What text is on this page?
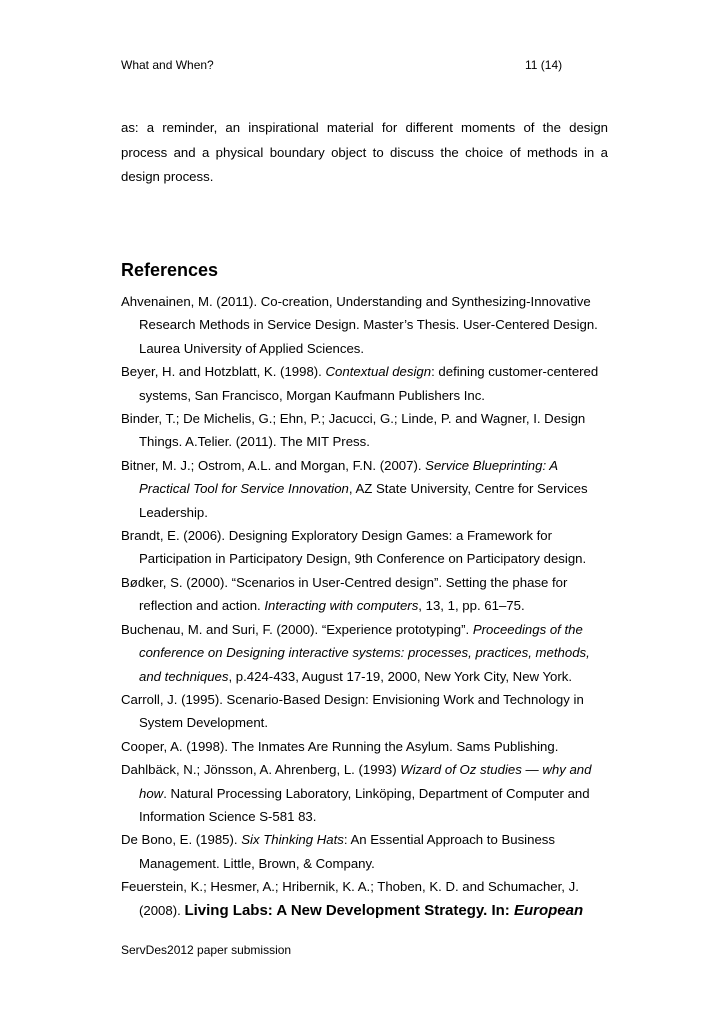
What and When?	11 (14)
as: a reminder, an inspirational material for different moments of the design process and a physical boundary object to discuss the choice of methods in a design process.
References

Ahvenainen, M. (2011). Co-creation, Understanding and Synthesizing-Innovative Research Methods in Service Design. Master’s Thesis. User-Centered Design. Laurea University of Applied Sciences.

Beyer, H. and Hotzblatt, K. (1998). Contextual design: defining customer-centered systems, San Francisco, Morgan Kaufmann Publishers Inc.

Binder, T.; De Michelis, G.; Ehn, P.; Jacucci, G.; Linde, P. and Wagner, I. Design Things. A.Telier. (2011). The MIT Press.

Bitner, M. J.; Ostrom, A.L. and Morgan, F.N. (2007). Service Blueprinting: A Practical Tool for Service Innovation, AZ State University, Centre for Services Leadership.

Brandt, E. (2006). Designing Exploratory Design Games: a Framework for Participation in Participatory Design, 9th Conference on Participatory design.

Bødker, S. (2000). “Scenarios in User-Centred design”. Setting the phase for reflection and action. Interacting with computers, 13, 1, pp. 61–75.

Buchenau, M. and Suri, F. (2000). “Experience prototyping”. Proceedings of the conference on Designing interactive systems: processes, practices, methods, and techniques, p.424-433, August 17-19, 2000, New York City, New York.

Carroll, J. (1995). Scenario-Based Design: Envisioning Work and Technology in System Development.

Cooper, A. (1998). The Inmates Are Running the Asylum. Sams Publishing.

Dahlbäck, N.; Jönsson, A. Ahrenberg, L. (1993) Wizard of Oz studies — why and how. Natural Processing Laboratory, Linköping, Department of Computer and Information Science S-581 83.

De Bono, E. (1985). Six Thinking Hats: An Essential Approach to Business Management. Little, Brown, & Company.

Feuerstein, K.; Hesmer, A.; Hribernik, K. A.; Thoben, K. D. and Schumacher, J. (2008). Living Labs: A New Development Strategy. In: European

ServDes2012 paper submission
